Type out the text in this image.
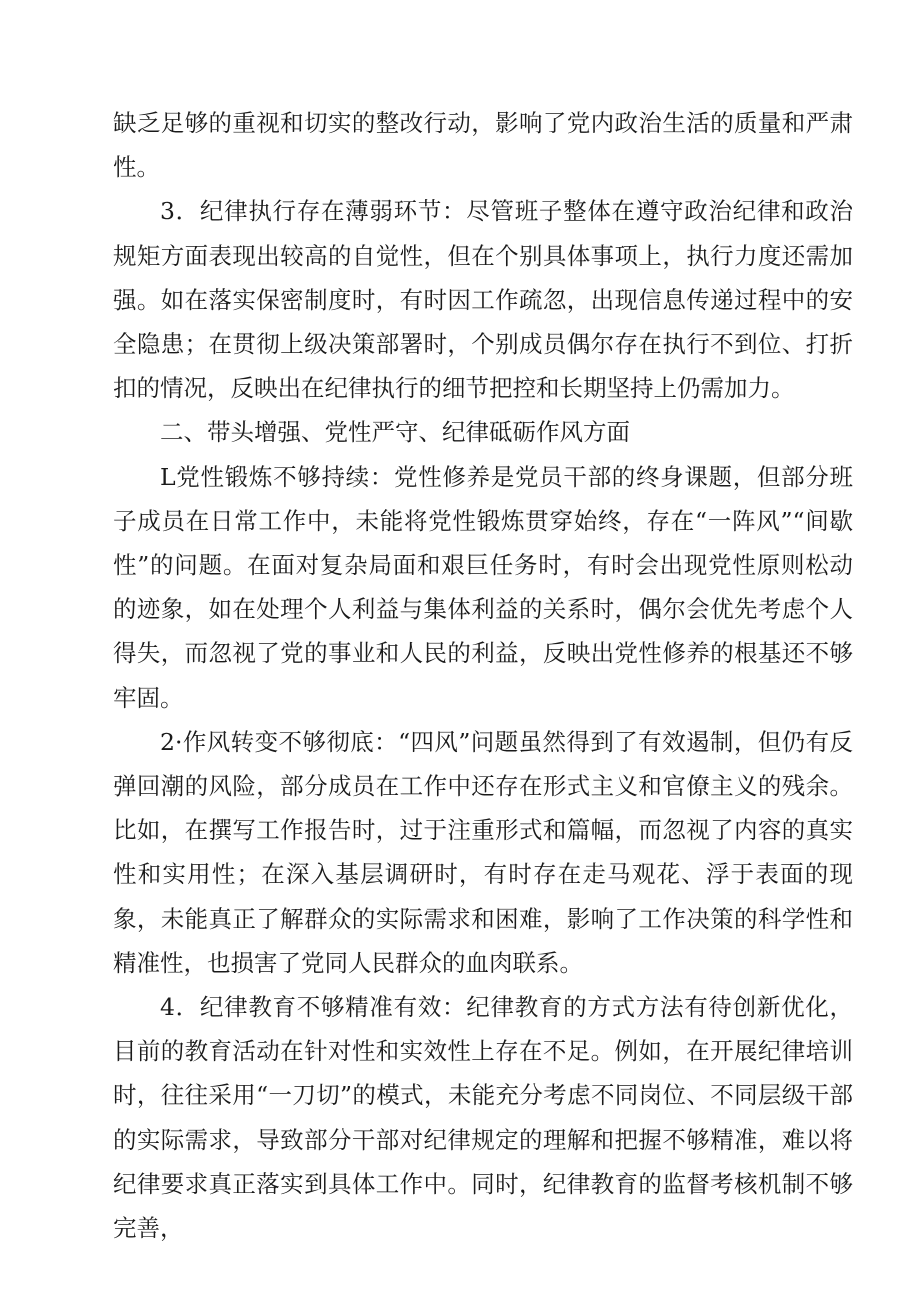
缺乏足够的重视和切实的整改行动，影响了党内政治生活的质量和严肃性。

3．纪律执行存在薄弱环节：尽管班子整体在遵守政治纪律和政治规矩方面表现出较高的自觉性，但在个别具体事项上，执行力度还需加强。如在落实保密制度时，有时因工作疏忽，出现信息传递过程中的安全隐患；在贯彻上级决策部署时，个别成员偶尔存在执行不到位、打折扣的情况，反映出在纪律执行的细节把控和长期坚持上仍需加力。

二、带头增强、党性严守、纪律砥砺作风方面

L党性锻炼不够持续：党性修养是党员干部的终身课题，但部分班子成员在日常工作中，未能将党性锻炼贯穿始终，存在“一阵风”“间歇性”的问题。在面对复杂局面和艰巨任务时，有时会出现党性原则松动的迹象，如在处理个人利益与集体利益的关系时，偶尔会优先考虑个人得失，而忽视了党的事业和人民的利益，反映出党性修养的根基还不够牢固。

2·作风转变不够彻底：“四风”问题虽然得到了有效遏制，但仍有反弹回潮的风险，部分成员在工作中还存在形式主义和官僚主义的残余。比如，在撰写工作报告时，过于注重形式和篇幅，而忽视了内容的真实性和实用性；在深入基层调研时，有时存在走马观花、浮于表面的现象，未能真正了解群众的实际需求和困难，影响了工作决策的科学性和精准性，也损害了党同人民群众的血肉联系。

4．纪律教育不够精准有效：纪律教育的方式方法有待创新优化，目前的教育活动在针对性和实效性上存在不足。例如，在开展纪律培训时，往往采用“一刀切”的模式，未能充分考虑不同岗位、不同层级干部的实际需求，导致部分干部对纪律规定的理解和把握不够精准，难以将纪律要求真正落实到具体工作中。同时，纪律教育的监督考核机制不够完善，
